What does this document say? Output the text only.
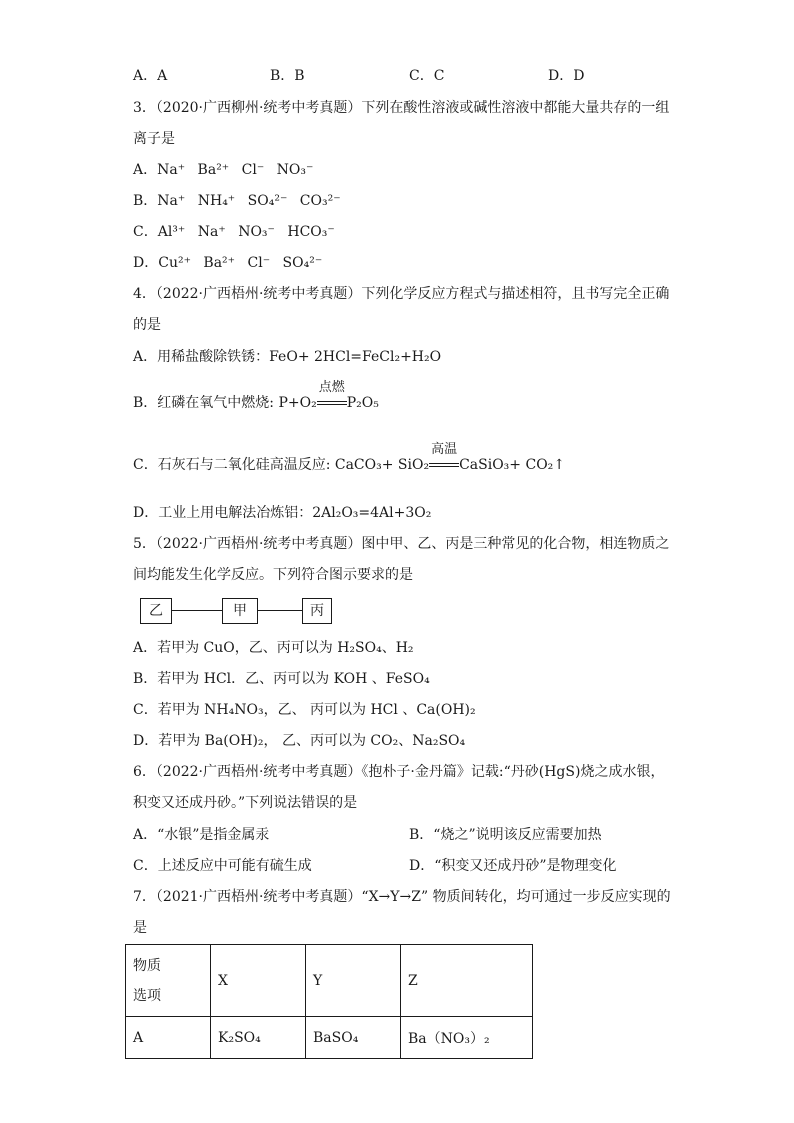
A．A	B．B	C．C	D．D
3．（2020·广西柳州·统考中考真题）下列在酸性溶液或碱性溶液中都能大量共存的一组
离子是
A．Na⁺ Ba²⁺ Cl⁻ NO₃⁻
B．Na⁺ NH₄⁺ SO₄²⁻ CO₃²⁻
C．Al³⁺ Na⁺ NO₃⁻ HCO₃⁻
D．Cu²⁺ Ba²⁺ Cl⁻ SO₄²⁻
4．（2022·广西梧州·统考中考真题）下列化学反应方程式与描述相符，且书写完全正确
的是
A．用稀盐酸除铁锈：FeO+ 2HCl=FeCl₂+H₂O
B．红磷在氧气中燃烧: P+O₂
点燃
P₂O₅
C．石灰石与二氧化硅高温反应: CaCO₃+ SiO₂
高温
CaSiO₃+ CO₂↑
D．工业上用电解法冶炼铝：2Al₂O₃=4Al+3O₂
5．（2022·广西梧州·统考中考真题）图中甲、乙、丙是三种常见的化合物，相连物质之
间均能发生化学反应。下列符合图示要求的是
乙	甲	丙
A．若甲为 CuO，乙、丙可以为 H₂SO₄、H₂
B．若甲为 HCl．乙、丙可以为 KOH 、FeSO₄
C．若甲为 NH₄NO₃，乙、 丙可以为 HCl 、Ca(OH)₂
D．若甲为 Ba(OH)₂， 乙、丙可以为 CO₂、Na₂SO₄
6．（2022·广西梧州·统考中考真题）《抱朴子·金丹篇》记载:“丹砂(HgS)烧之成水银，
积变又还成丹砂。”下列说法错误的是
A．“水银”是指金属汞	B．“烧之”说明该反应需要加热
C．上述反应中可能有硫生成	D．“积变又还成丹砂”是物理变化
7．（2021·广西梧州·统考中考真题）“X→Y→Z” 物质间转化，均可通过一步反应实现的
是
物质
选项	X	Y	Z
A	K₂SO₄	BaSO₄	Ba（NO₃）₂
